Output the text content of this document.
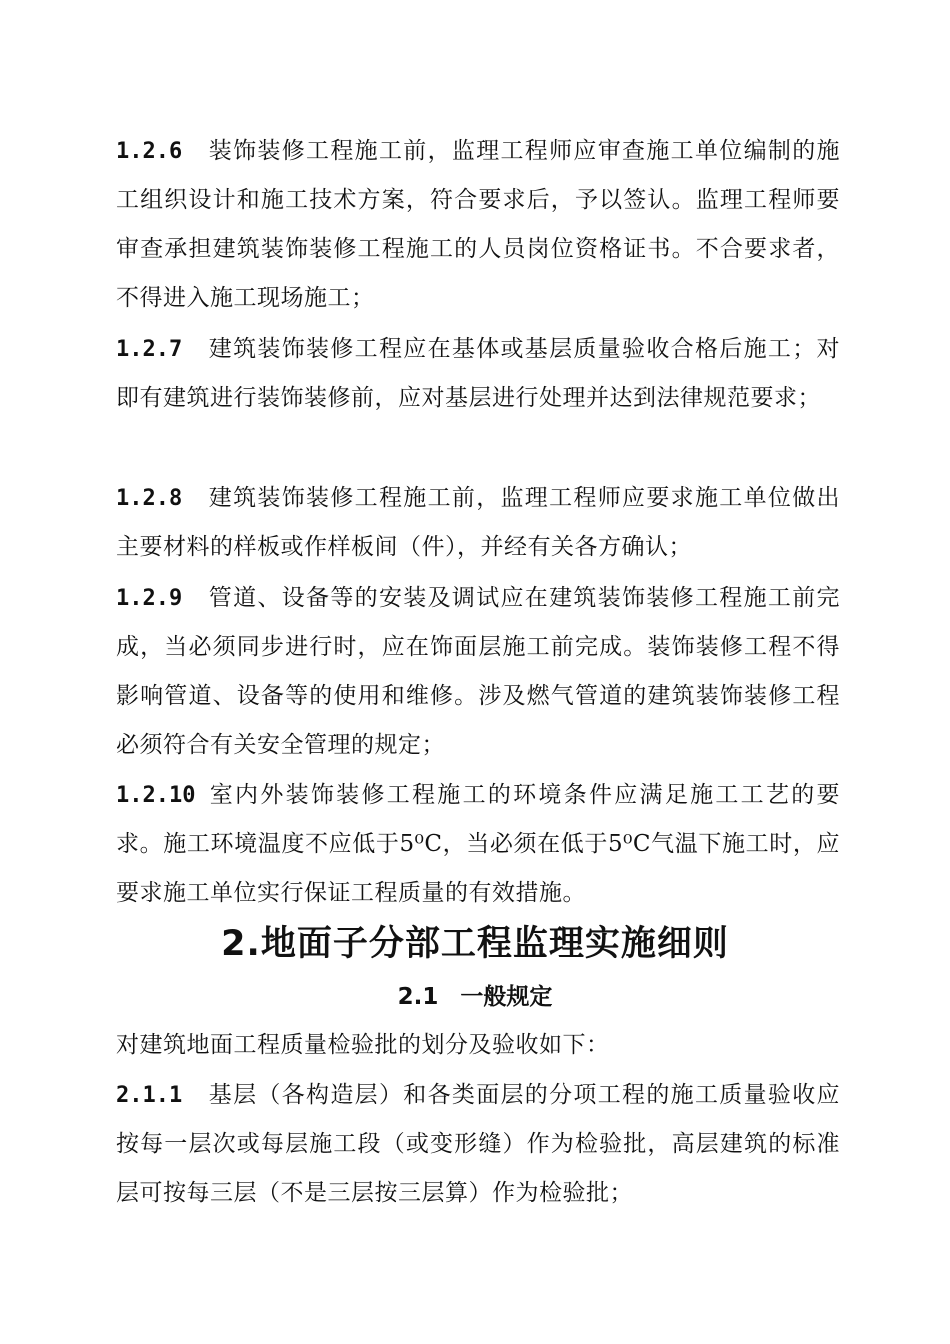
1.2.6 装饰装修工程施工前，监理工程师应审查施工单位编制的施工组织设计和施工技术方案，符合要求后，予以签认。监理工程师要审查承担建筑装饰装修工程施工的人员岗位资格证书。不合要求者，不得进入施工现场施工；

1.2.7 建筑装饰装修工程应在基体或基层质量验收合格后施工；对即有建筑进行装饰装修前，应对基层进行处理并达到法律规范要求；

1.2.8 建筑装饰装修工程施工前，监理工程师应要求施工单位做出主要材料的样板或作样板间（件），并经有关各方确认；

1.2.9 管道、设备等的安装及调试应在建筑装饰装修工程施工前完成，当必须同步进行时，应在饰面层施工前完成。装饰装修工程不得影响管道、设备等的使用和维修。涉及燃气管道的建筑装饰装修工程必须符合有关安全管理的规定；

1.2.10 室内外装饰装修工程施工的环境条件应满足施工工艺的要求。施工环境温度不应低于5⁰C，当必须在低于5⁰C气温下施工时，应要求施工单位实行保证工程质量的有效措施。

2.地面子分部工程监理实施细则
2.1 一般规定

对建筑地面工程质量检验批的划分及验收如下：

2.1.1 基层（各构造层）和各类面层的分项工程的施工质量验收应按每一层次或每层施工段（或变形缝）作为检验批，高层建筑的标准层可按每三层（不是三层按三层算）作为检验批；
